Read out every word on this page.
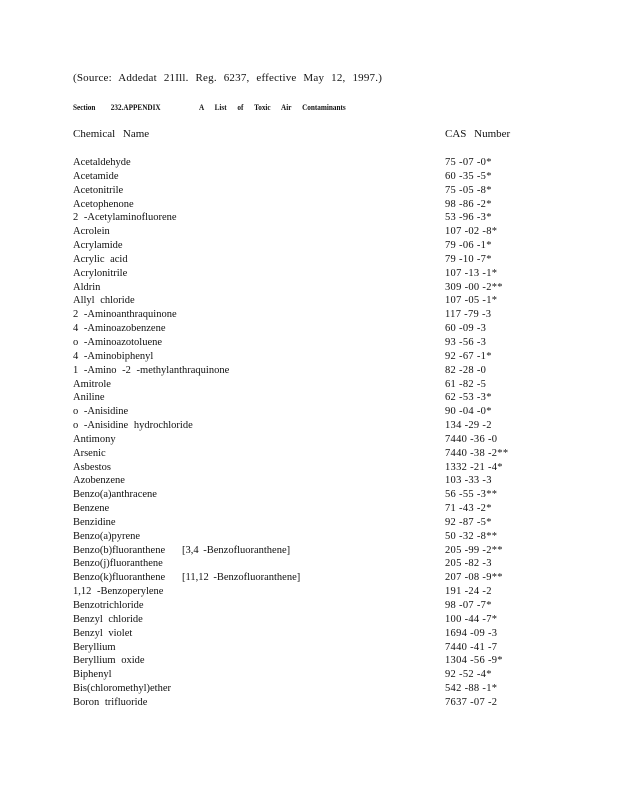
(Source: Addedat 21Ill. Reg. 6237, effective May 12, 1997.)
Section 232.APPENDIX	A List of Toxic Air Contaminants
Chemical Name	CAS Number
Acetaldehyde	75 -07 -0*
Acetamide	60 -35 -5*
Acetonitrile	75 -05 -8*
Acetophenone	98 -86 -2*
2 -Acetylaminofluorene	53 -96 -3*
Acrolein	107 -02 -8*
Acrylamide	79 -06 -1*
Acrylic acid	79 -10 -7*
Acrylonitrile	107 -13 -1*
Aldrin	309 -00 -2**
Allyl chloride	107 -05 -1*
2 -Aminoanthraquinone	117 -79 -3
4 -Aminoazobenzene	60 -09 -3
o -Aminoazotoluene	93 -56 -3
4 -Aminobiphenyl	92 -67 -1*
1 -Amino -2 -methylanthraquinone	82 -28 -0
Amitrole	61 -82 -5
Aniline	62 -53 -3*
o -Anisidine	90 -04 -0*
o -Anisidine hydrochloride	134 -29 -2
Antimony	7440 -36 -0
Arsenic	7440 -38 -2**
Asbestos	1332 -21 -4*
Azobenzene	103 -33 -3
Benzo(a)anthracene	56 -55 -3**
Benzene	71 -43 -2*
Benzidine	92 -87 -5*
Benzo(a)pyrene	50 -32 -8**
Benzo(b)fluoranthene [3,4 -Benzofluoranthene]	205 -99 -2**
Benzo(j)fluoranthene	205 -82 -3
Benzo(k)fluoranthene [11,12 -Benzofluoranthene]	207 -08 -9**
1,12 -Benzoperylene	191 -24 -2
Benzotrichloride	98 -07 -7*
Benzyl chloride	100 -44 -7*
Benzyl violet	1694 -09 -3
Beryllium	7440 -41 -7
Beryllium oxide	1304 -56 -9*
Biphenyl	92 -52 -4*
Bis(chloromethyl)ether	542 -88 -1*
Boron trifluoride	7637 -07 -2
